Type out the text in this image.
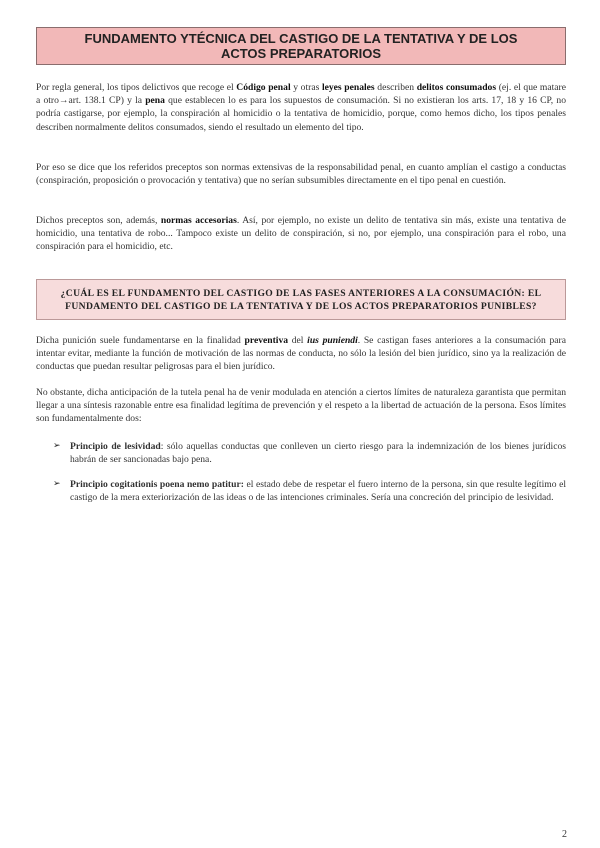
FUNDAMENTO YTÉCNICA DEL CASTIGO DE LA TENTATIVA Y DE LOS ACTOS PREPARATORIOS

Por regla general, los tipos delictivos que recoge el Código penal y otras leyes penales describen delitos consumados (ej. el que matare a otro→art. 138.1 CP) y la pena que establecen lo es para los supuestos de consumación. Si no existieran los arts. 17, 18 y 16 CP, no podría castigarse, por ejemplo, la conspiración al homicidio o la tentativa de homicidio, porque, como hemos dicho, los tipos penales describen normalmente delitos consumados, siendo el resultado un elemento del tipo.

Por eso se dice que los referidos preceptos son normas extensivas de la responsabilidad penal, en cuanto amplían el castigo a conductas (conspiración, proposición o provocación y tentativa) que no serían subsumibles directamente en el tipo penal en cuestión.

Dichos preceptos son, además, normas accesorias. Así, por ejemplo, no existe un delito de tentativa sin más, existe una tentativa de homicidio, una tentativa de robo... Tampoco existe un delito de conspiración, si no, por ejemplo, una conspiración para el robo, una conspiración para el homicidio, etc.

¿CUÁL ES EL FUNDAMENTO DEL CASTIGO DE LAS FASES ANTERIORES A LA CONSUMACIÓN: EL FUNDAMENTO DEL CASTIGO DE LA TENTATIVA Y DE LOS ACTOS PREPARATORIOS PUNIBLES?

Dicha punición suele fundamentarse en la finalidad preventiva del ius puniendi. Se castigan fases anteriores a la consumación para intentar evitar, mediante la función de motivación de las normas de conducta, no sólo la lesión del bien jurídico, sino ya la realización de conductas que puedan resultar peligrosas para el bien jurídico.

No obstante, dicha anticipación de la tutela penal ha de venir modulada en atención a ciertos límites de naturaleza garantista que permitan llegar a una síntesis razonable entre esa finalidad legítima de prevención y el respeto a la libertad de actuación de la persona. Esos límites son fundamentalmente dos:

➢ Principio de lesividad: sólo aquellas conductas que conlleven un cierto riesgo para la indemnización de los bienes jurídicos habrán de ser sancionadas bajo pena.

➢ Principio cogitationis poena nemo patitur: el estado debe de respetar el fuero interno de la persona, sin que resulte legítimo el castigo de la mera exteriorización de las ideas o de las intenciones criminales. Sería una concreción del principio de lesividad.

2
